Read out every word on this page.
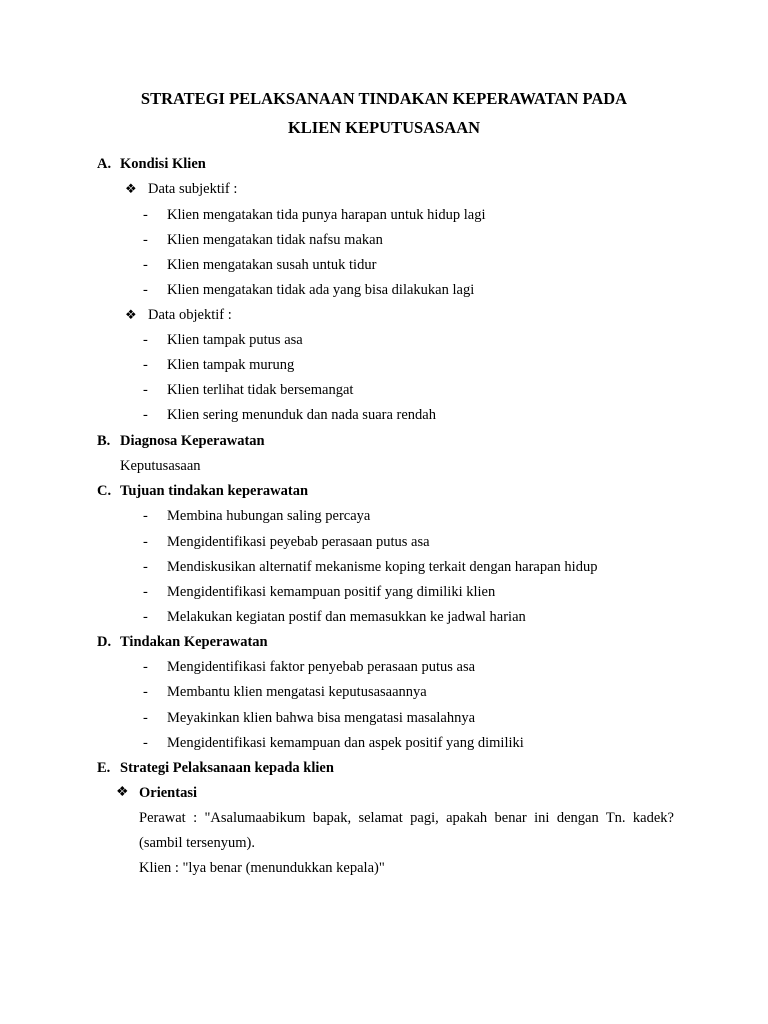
STRATEGI PELAKSANAAN TINDAKAN KEPERAWATAN PADA
KLIEN KEPUTUSASAAN
A. Kondisi Klien
❖ Data subjektif :
- Klien mengatakan tida punya harapan untuk hidup lagi
- Klien mengatakan tidak nafsu makan
- Klien mengatakan susah untuk tidur
- Klien mengatakan tidak ada yang bisa dilakukan lagi
❖ Data objektif :
- Klien tampak putus asa
- Klien tampak murung
- Klien terlihat tidak bersemangat
- Klien sering menunduk dan nada suara rendah
B. Diagnosa Keperawatan
Keputusasaan
C. Tujuan tindakan keperawatan
- Membina hubungan saling percaya
- Mengidentifikasi peyebab perasaan putus asa
- Mendiskusikan alternatif mekanisme koping terkait dengan harapan hidup
- Mengidentifikasi kemampuan positif yang dimiliki klien
- Melakukan kegiatan postif dan memasukkan ke jadwal harian
D. Tindakan Keperawatan
- Mengidentifikasi faktor penyebab perasaan putus asa
- Membantu klien mengatasi keputusasaannya
- Meyakinkan klien bahwa bisa mengatasi masalahnya
- Mengidentifikasi kemampuan dan aspek positif yang dimiliki
E. Strategi Pelaksanaan kepada klien
❖ Orientasi
Perawat : "Asalumaabikum bapak, selamat pagi, apakah benar ini dengan Tn. kadek?
(sambil tersenyum).
Klien : "lya benar (menundukkan kepala)"
